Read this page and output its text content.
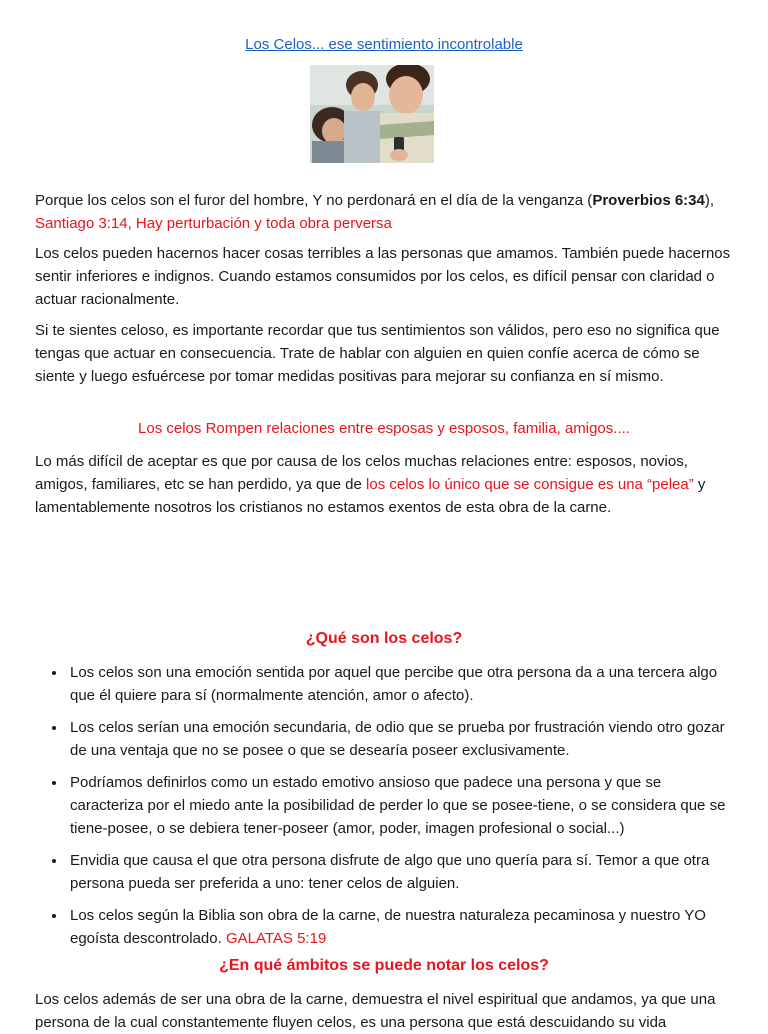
Los Celos... ese sentimiento incontrolable

Porque los celos son el furor del hombre, Y no perdonará en el día de la venganza (Proverbios 6:34), Santiago 3:14, Hay perturbación y toda obra perversa

Los celos pueden hacernos hacer cosas terribles a las personas que amamos. También puede hacernos sentir inferiores e indignos. Cuando estamos consumidos por los celos, es difícil pensar con claridad o actuar racionalmente.

Si te sientes celoso, es importante recordar que tus sentimientos son válidos, pero eso no significa que tengas que actuar en consecuencia. Trate de hablar con alguien en quien confíe acerca de cómo se siente y luego esfuércese por tomar medidas positivas para mejorar su confianza en sí mismo.

Los celos Rompen relaciones entre esposas y esposos, familia, amigos....

Lo más difícil de aceptar es que por causa de los celos muchas relaciones entre: esposos, novios, amigos, familiares, etc se han perdido, ya que de los celos lo único que se consigue es una “pelea” y lamentablemente nosotros los cristianos no estamos exentos de esta obra de la carne.

¿Qué son los celos?
Los celos son una emoción sentida por aquel que percibe que otra persona da a una tercera algo que él quiere para sí (normalmente atención, amor o afecto).
Los celos serían una emoción secundaria, de odio que se prueba por frustración viendo otro gozar de una ventaja que no se posee o que se desearía poseer exclusivamente.
Podríamos definirlos como un estado emotivo ansioso que padece una persona y que se caracteriza por el miedo ante la posibilidad de perder lo que se posee-tiene, o se considera que se tiene-posee, o se debiera tener-poseer (amor, poder, imagen profesional o social...)
Envidia que causa el que otra persona disfrute de algo que uno quería para sí. Temor a que otra persona pueda ser preferida a uno: tener celos de alguien.
Los celos según la Biblia son obra de la carne, de nuestra naturaleza pecaminosa y nuestro YO egoísta descontrolado. GALATAS 5:19
¿En qué ámbitos se puede notar los celos?

Los celos además de ser una obra de la carne, demuestra el nivel espiritual que andamos, ya que una persona de la cual constantemente fluyen celos, es una persona que está descuidando su vida
